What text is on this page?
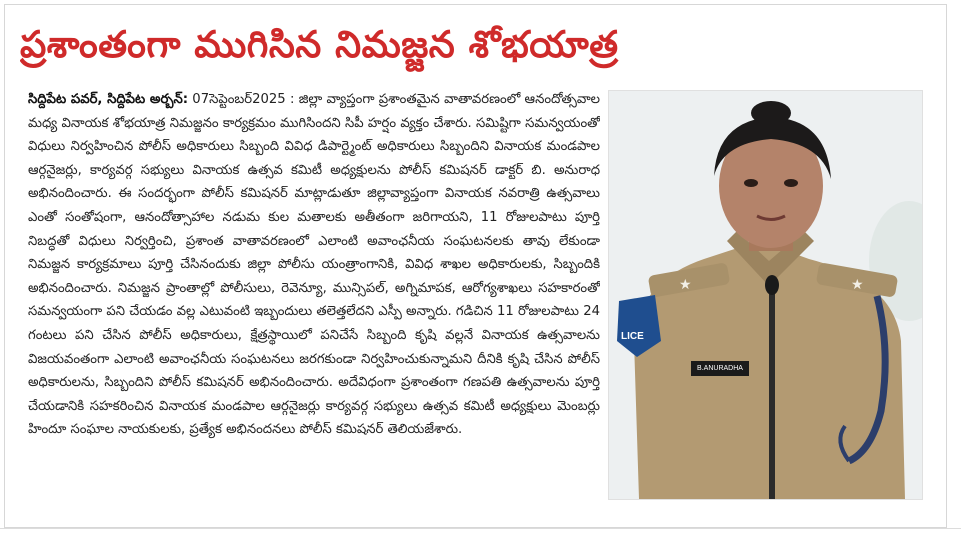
ప్రశాంతంగా ముగిసిన నిమజ్జన శోభయాత్ర
సిద్దిపేట పవర్, సిద్దిపేట అర్బన్: 07సెప్టెంబర్2025 : జిల్లా వ్యాప్తంగా ప్రశాంతమైన వాతావరణంలో ఆనందోత్సవాల మధ్య వినాయక శోభయాత్ర నిమజ్జనం కార్యక్రమం ముగిసిందని సిపీ హర్షం వ్యక్తం చేశారు. సమిష్టిగా సమన్వయంతో విధులు నిర్వహించిన పోలీస్ అధికారులు సిబ్బంది వివిధ డిపార్ట్మెంట్ అధికారులు సిబ్బందిని వినాయక మండపాల ఆర్గనైజర్లు, కార్యవర్గ సభ్యులు వినాయక ఉత్సవ కమిటీ అధ్యక్షులను పోలీస్ కమిషనర్ డాక్టర్ బి. అనురాధ అభినందించారు. ఈ సందర్భంగా పోలీస్ కమిషనర్ మాట్లాడుతూ జిల్లావ్యాప్తంగా వినాయక నవరాత్రి ఉత్సవాలు ఎంతో సంతోషంగా, ఆనందోత్సాహాల నడుమ కుల మతాలకు అతీతంగా జరిగాయని, 11 రోజులపాటు పూర్తి నిబద్ధతో విధులు నిర్వర్తించి, ప్రశాంత వాతావరణంలో ఎలాంటి అవాంఛనీయ సంఘటనలకు తావు లేకుండా నిమజ్జన కార్యక్రమాలు పూర్తి చేసినందుకు జిల్లా పోలీసు యంత్రాంగానికి, వివిధ శాఖల అధికారులకు, సిబ్బందికి అభినందించారు. నిమజ్జన ప్రాంతాల్లో పోలీసులు, రెవెన్యూ, మున్సిపల్, అగ్నిమాపక, ఆరోగ్యశాఖలు సహకారంతో సమన్వయంగా పని చేయడం వల్ల ఎటువంటి ఇబ్బందులు తలెత్తలేదని ఎస్పీ అన్నారు. గడిచిన 11 రోజులపాటు 24 గంటలు పని చేసిన పోలీస్ అధికారులు, క్షేత్రస్థాయిలో పనిచేసే సిబ్బంది కృషి వల్లనే వినాయక ఉత్సవాలను విజయవంతంగా ఎలాంటి అవాంఛనీయ సంఘటనలు జరగకుండా నిర్వహించుకున్నామని దీనికి కృషి చేసిన పోలీస్ అధికారులను, సిబ్బందిని పోలీస్ కమిషనర్ అభినందించారు. అదేవిధంగా ప్రశాంతంగా గణపతి ఉత్సవాలను పూర్తి చేయడానికి సహకరించిన వినాయక మండపాల ఆర్గనైజర్లు కార్యవర్గ సభ్యులు ఉత్సవ కమిటీ అధ్యక్షులు మెంబర్లు హిందూ సంఘాల నాయకులకు, ప్రత్యేక అభినందనలు పోలీస్ కమిషనర్ తెలియజేశారు.
★	★
LICE
B.ANURADHA
